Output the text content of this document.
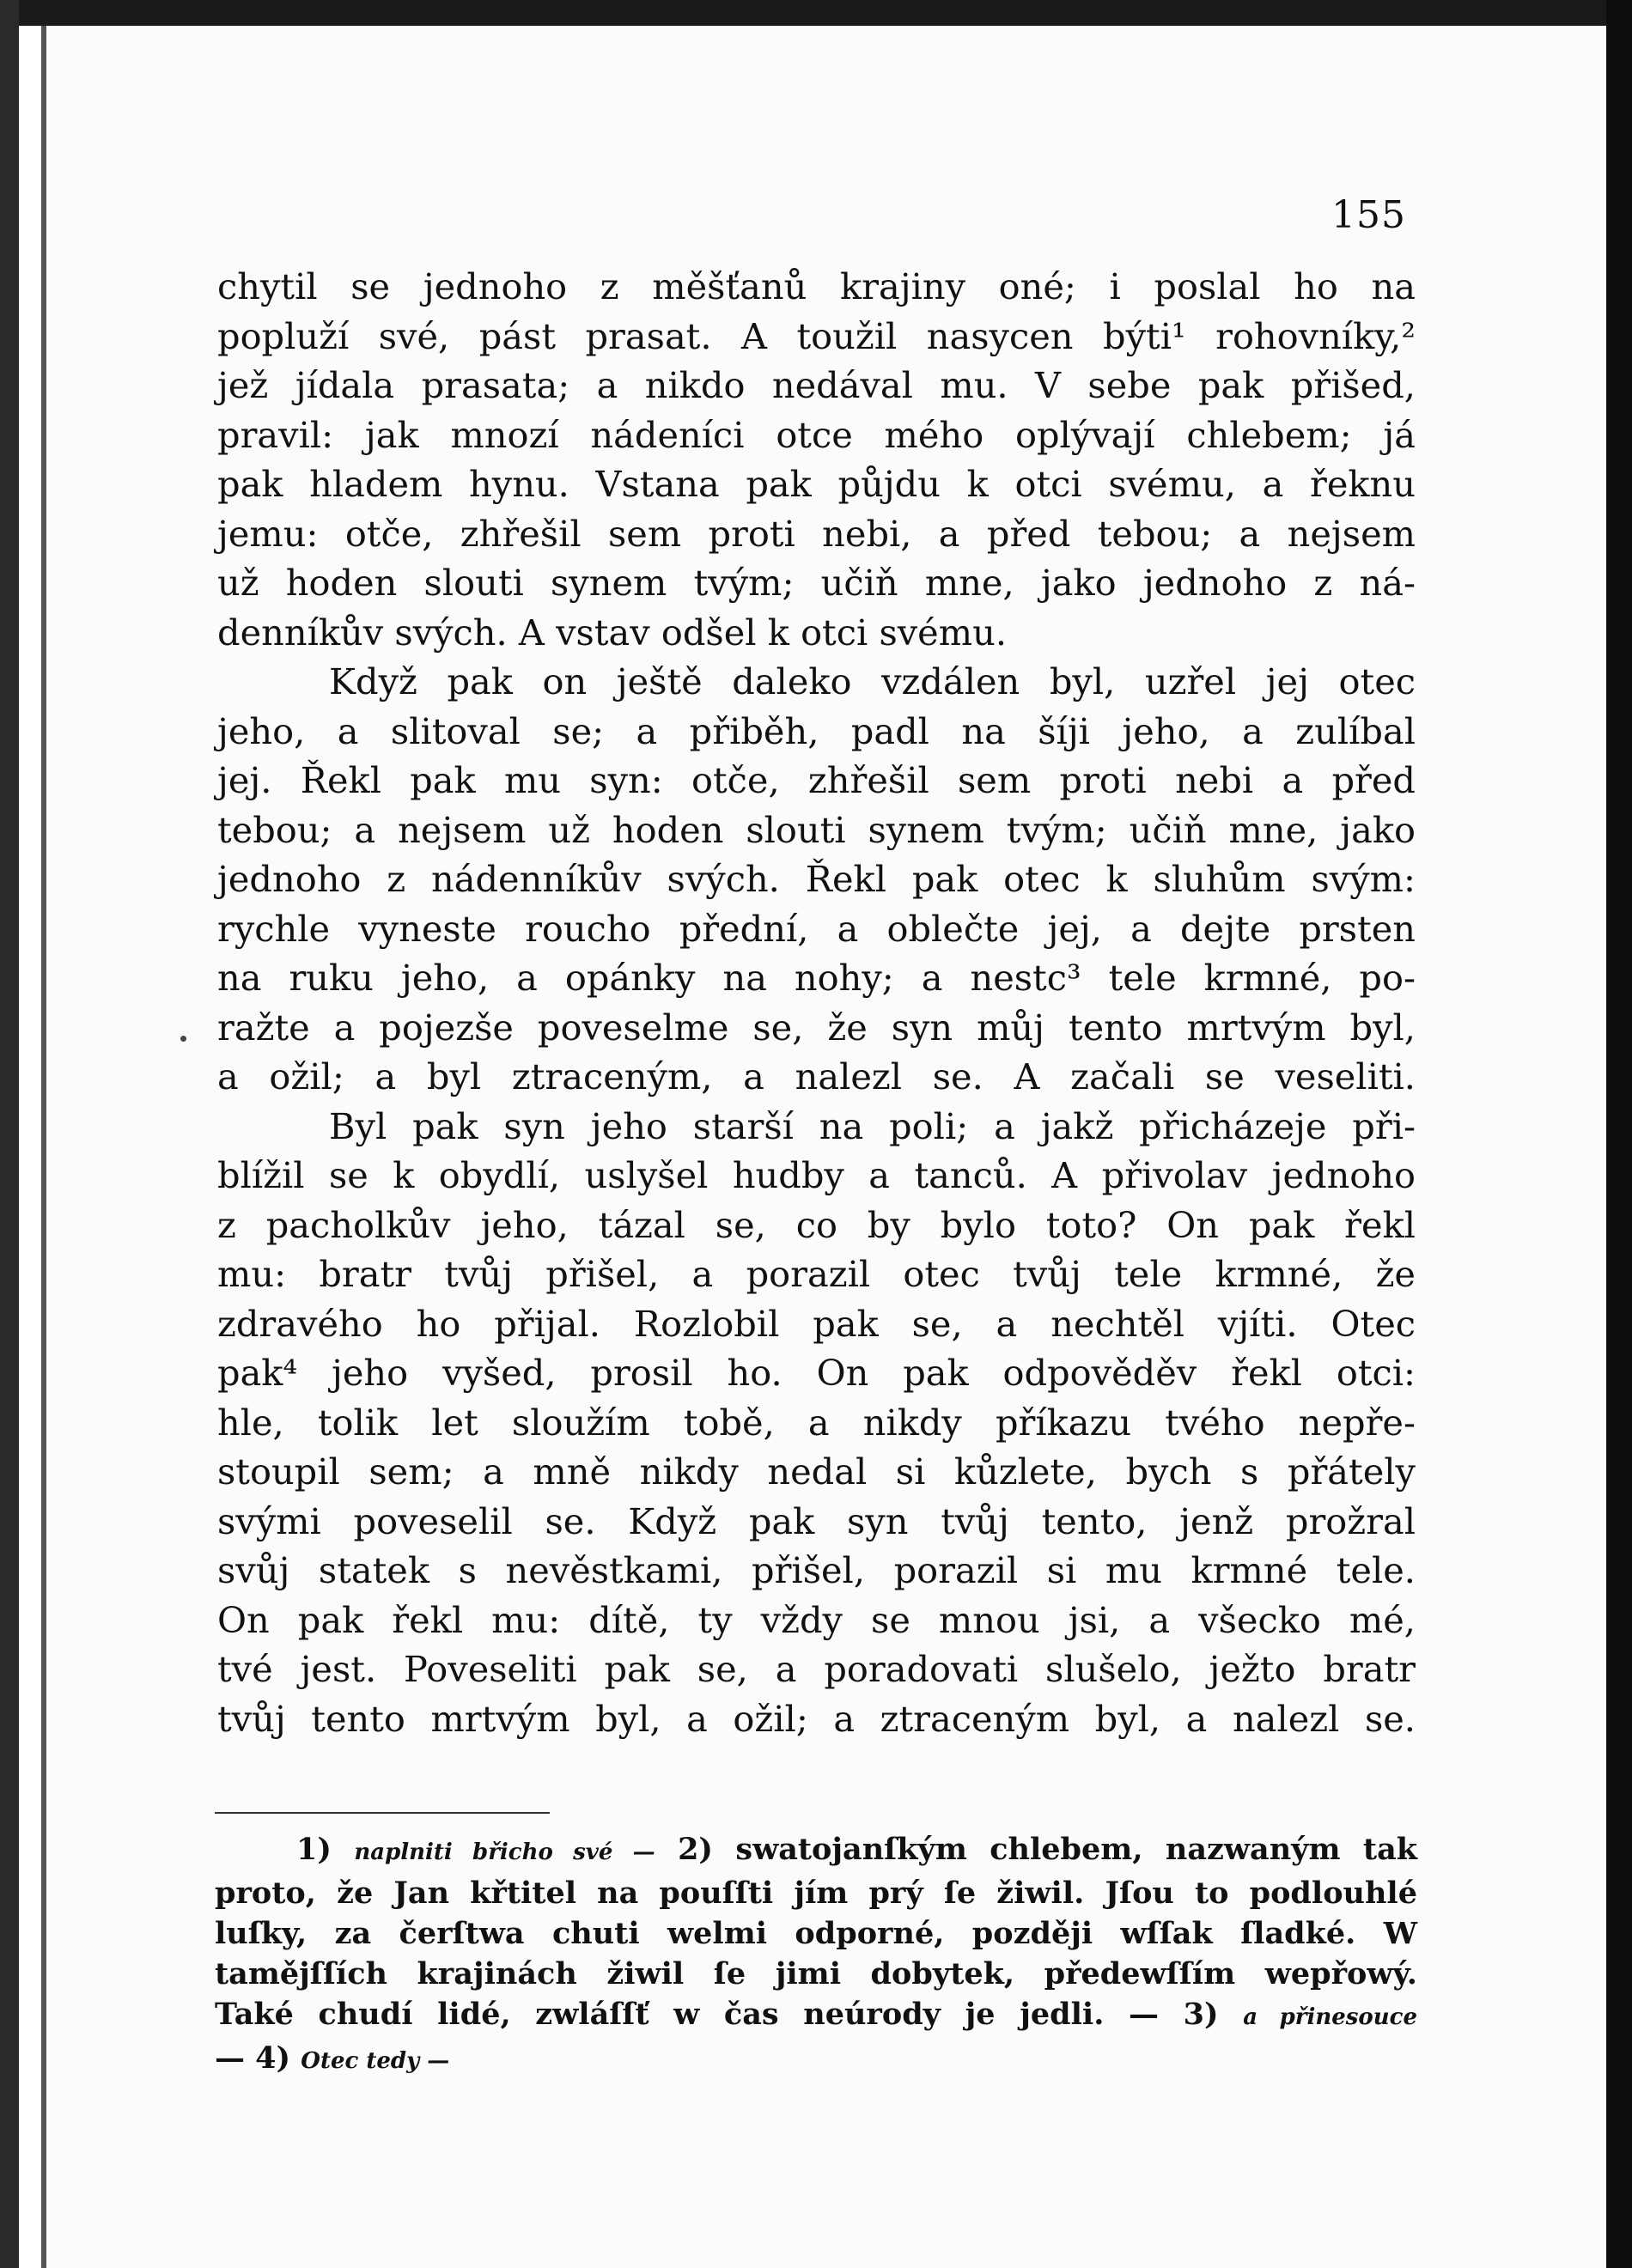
155
chytil se jednoho z měšťanů krajiny oné; i poslal ho na
popluží své, pást prasat. A toužil nasycen býti¹ rohovníky,²
jež jídala prasata; a nikdo nedával mu. V sebe pak přišed,
pravil: jak mnozí nádeníci otce mého oplývají chlebem; já
pak hladem hynu. Vstana pak půjdu k otci svému, a řeknu
jemu: otče, zhřešil sem proti nebi, a před tebou; a nejsem
už hoden slouti synem tvým; učiň mne, jako jednoho z ná-
denníkův svých. A vstav odšel k otci svému.
Když pak on ještě daleko vzdálen byl, uzřel jej otec
jeho, a slitoval se; a přiběh, padl na šíji jeho, a zulíbal
jej. Řekl pak mu syn: otče, zhřešil sem proti nebi a před
tebou; a nejsem už hoden slouti synem tvým; učiň mne, jako
jednoho z nádenníkův svých. Řekl pak otec k sluhům svým:
rychle vyneste roucho přední, a oblečte jej, a dejte prsten
na ruku jeho, a opánky na nohy; a nestc³ tele krmné, po-
ražte a pojezše poveselme se, že syn můj tento mrtvým byl,
a ožil; a byl ztraceným, a nalezl se. A začali se veseliti.
Byl pak syn jeho starší na poli; a jakž přicházeje při-
blížil se k obydlí, uslyšel hudby a tanců. A přivolav jednoho
z pacholkův jeho, tázal se, co by bylo toto? On pak řekl
mu: bratr tvůj přišel, a porazil otec tvůj tele krmné, že
zdravého ho přijal. Rozlobil pak se, a nechtěl vjíti. Otec
pak⁴ jeho vyšed, prosil ho. On pak odpověděv řekl otci:
hle, tolik let sloužím tobě, a nikdy příkazu tvého nepře-
stoupil sem; a mně nikdy nedal si kůzlete, bych s přátely
svými poveselil se. Když pak syn tvůj tento, jenž prožral
svůj statek s nevěstkami, přišel, porazil si mu krmné tele.
On pak řekl mu: dítě, ty vždy se mnou jsi, a všecko mé,
tvé jest. Poveseliti pak se, a poradovati slušelo, ježto bratr
tvůj tento mrtvým byl, a ožil; a ztraceným byl, a nalezl se.
1) naplniti břicho své — 2) swatojanſkým chlebem, nazwaným tak
proto, že Jan křtitel na pouſſti jím prý ſe žiwil. Jſou to podlouhlé
luſky, za čerſtwa chuti welmi odporné, později wſſak ſladké. W
tamějſſích krajinách žiwil ſe jimi dobytek, předewſſím wepřowý.
Také chudí lidé, zwláſſť w čas neúrody je jedli. — 3) a přinesouce
— 4) Otec tedy —
